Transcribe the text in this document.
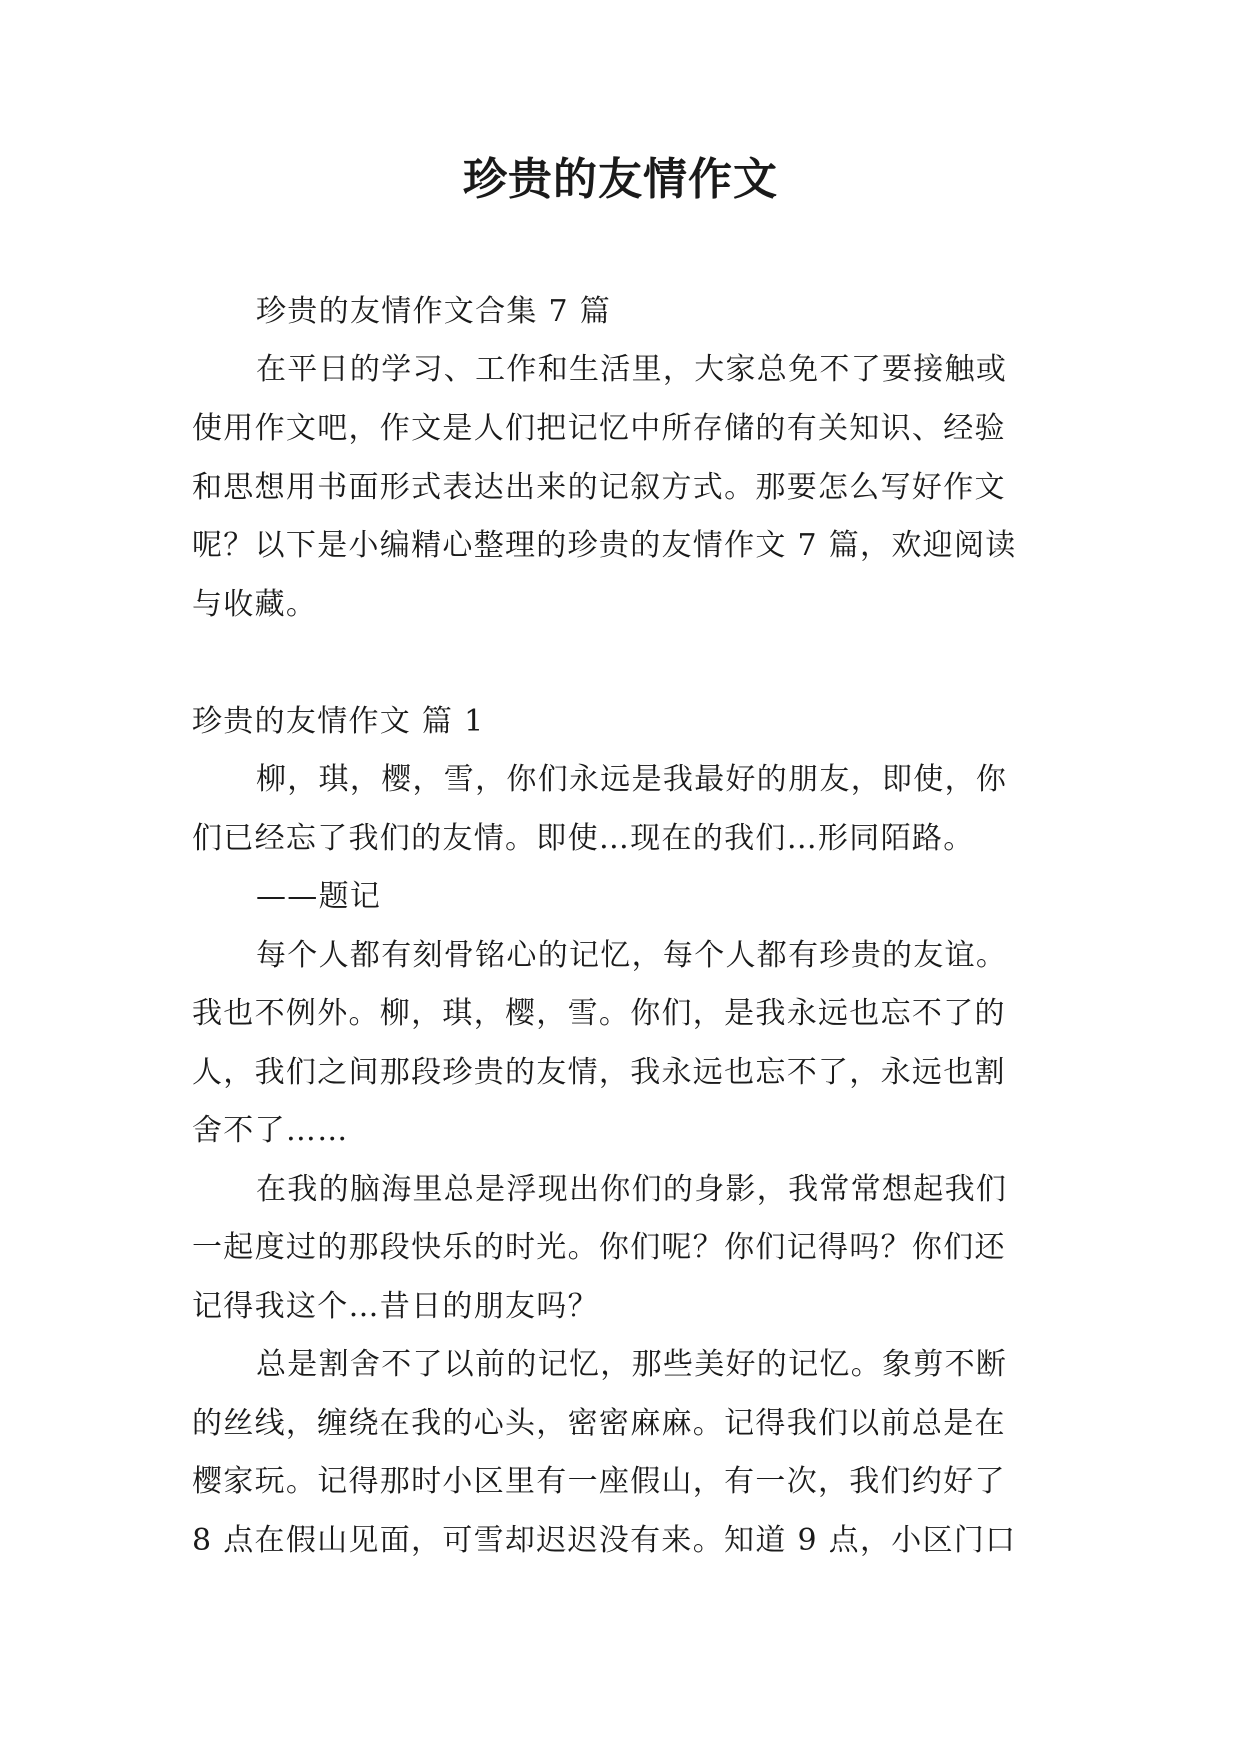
珍贵的友情作文

珍贵的友情作文合集 7 篇

在平日的学习、工作和生活里，大家总免不了要接触或

使用作文吧，作文是人们把记忆中所存储的有关知识、经验

和思想用书面形式表达出来的记叙方式。那要怎么写好作文

呢？以下是小编精心整理的珍贵的友情作文 7 篇，欢迎阅读

与收藏。

珍贵的友情作文 篇 1

柳，琪，樱，雪，你们永远是我最好的朋友，即使，你

们已经忘了我们的友情。即使…现在的我们…形同陌路。

——题记

每个人都有刻骨铭心的记忆，每个人都有珍贵的友谊。

我也不例外。柳，琪，樱，雪。你们，是我永远也忘不了的

人，我们之间那段珍贵的友情，我永远也忘不了，永远也割

舍不了……

在我的脑海里总是浮现出你们的身影，我常常想起我们

一起度过的那段快乐的时光。你们呢？你们记得吗？你们还

记得我这个…昔日的朋友吗？

总是割舍不了以前的记忆，那些美好的记忆。象剪不断

的丝线，缠绕在我的心头，密密麻麻。记得我们以前总是在

樱家玩。记得那时小区里有一座假山，有一次，我们约好了

8 点在假山见面，可雪却迟迟没有来。知道 9 点，小区门口
